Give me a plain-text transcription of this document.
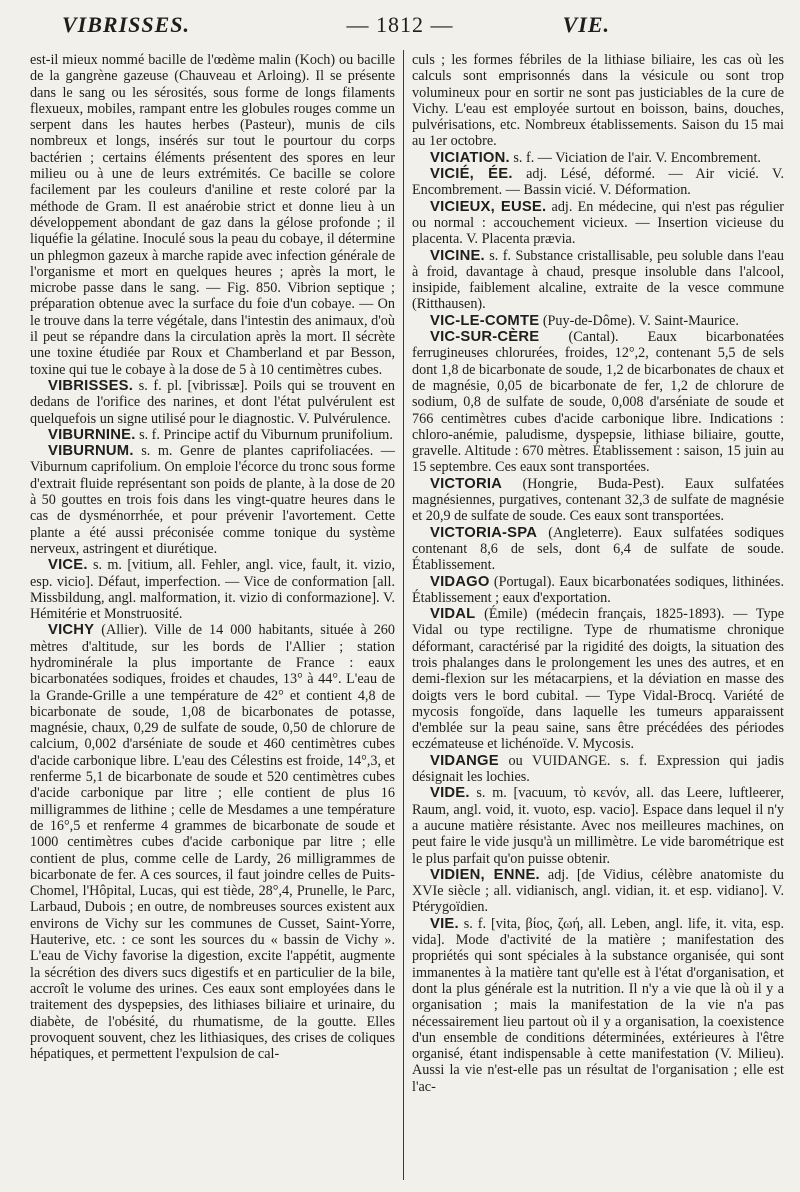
— 1812 —
VIBRISSES.	VIE.

est-il mieux nommé bacille de l'œdème malin (Koch) ou bacille de la gangrène gazeuse (Chauveau et Arloing). Il se présente dans le sang ou les sérosités, sous forme de longs filaments flexueux, mobiles, rampant entre les globules rouges comme un serpent dans les hautes herbes (Pasteur), munis de cils nombreux et longs, insérés sur tout le pourtour du corps bactérien ; certains éléments présentent des spores en leur milieu ou à une de leurs extrémités. Ce bacille se colore facilement par les couleurs d'aniline et reste coloré par la méthode de Gram. Il est anaérobie strict et donne lieu à un développement abondant de gaz dans la gélose profonde ; il liquéfie la gélatine. Inoculé sous la peau du cobaye, il détermine un phlegmon gazeux à marche rapide avec infection générale de l'organisme et mort en quelques heures ; après la mort, le microbe passe dans le sang. — Fig. 850. Vibrion septique ; préparation obtenue avec la surface du foie d'un cobaye. — On le trouve dans la terre végétale, dans l'intestin des animaux, d'où il peut se répandre dans la circulation après la mort. Il sécrète une toxine étudiée par Roux et Chamberland et par Besson, toxine qui tue le cobaye à la dose de 5 à 10 centimètres cubes.

VIBRISSES. s. f. pl. [vibrissæ]. Poils qui se trouvent en dedans de l'orifice des narines, et dont l'état pulvérulent est quelquefois un signe utilisé pour le diagnostic. V. Pulvérulence.

VIBURNINE. s. f. Principe actif du Viburnum prunifolium.

VIBURNUM. s. m. Genre de plantes caprifoliacées. — Viburnum caprifolium. On emploie l'écorce du tronc sous forme d'extrait fluide représentant son poids de plante, à la dose de 20 à 50 gouttes en trois fois dans les vingt-quatre heures dans le cas de dysménorrhée, et pour prévenir l'avortement. Cette plante a été aussi préconisée comme tonique du système nerveux, astringent et diurétique.

VICE. s. m. [vitium, all. Fehler, angl. vice, fault, it. vizio, esp. vicio]. Défaut, imperfection. — Vice de conformation [all. Missbildung, angl. malformation, it. vizio di conformazione]. V. Hémitérie et Monstruosité.

VICHY (Allier). Ville de 14 000 habitants, située à 260 mètres d'altitude, sur les bords de l'Allier ; station hydrominérale la plus importante de France : eaux bicarbonatées sodiques, froides et chaudes, 13° à 44°. L'eau de la Grande-Grille a une température de 42° et contient 4,8 de bicarbonate de soude, 1,08 de bicarbonates de potasse, magnésie, chaux, 0,29 de sulfate de soude, 0,50 de chlorure de calcium, 0,002 d'arséniate de soude et 460 centimètres cubes d'acide carbonique libre. L'eau des Célestins est froide, 14°,3, et renferme 5,1 de bicarbonate de soude et 520 centimètres cubes d'acide carbonique par litre ; elle contient de plus 16 milligrammes de lithine ; celle de Mesdames a une température de 16°,5 et renferme 4 grammes de bicarbonate de soude et 1000 centimètres cubes d'acide carbonique par litre ; elle contient de plus, comme celle de Lardy, 26 milligrammes de bicarbonate de fer. A ces sources, il faut joindre celles de Puits-Chomel, l'Hôpital, Lucas, qui est tiède, 28°,4, Prunelle, le Parc, Larbaud, Dubois ; en outre, de nombreuses sources existent aux environs de Vichy sur les communes de Cusset, Saint-Yorre, Hauterive, etc. : ce sont les sources du « bassin de Vichy ». L'eau de Vichy favorise la digestion, excite l'appétit, augmente la sécrétion des divers sucs digestifs et en particulier de la bile, accroît le volume des urines. Ces eaux sont employées dans le traitement des dyspepsies, des lithiases biliaire et urinaire, du diabète, de l'obésité, du rhumatisme, de la goutte. Elles provoquent souvent, chez les lithiasiques, des crises de coliques hépatiques, et permettent l'expulsion de cal-

culs ; les formes fébriles de la lithiase biliaire, les cas où les calculs sont emprisonnés dans la vésicule ou sont trop volumineux pour en sortir ne sont pas justiciables de la cure de Vichy. L'eau est employée surtout en boisson, bains, douches, pulvérisations, etc. Nombreux établissements. Saison du 15 mai au 1er octobre.

VICIATION. s. f. — Viciation de l'air. V. Encombrement.

VICIÉ, ÉE. adj. Lésé, déformé. — Air vicié. V. Encombrement. — Bassin vicié. V. Déformation.

VICIEUX, EUSE. adj. En médecine, qui n'est pas régulier ou normal : accouchement vicieux. — Insertion vicieuse du placenta. V. Placenta prævia.

VICINE. s. f. Substance cristallisable, peu soluble dans l'eau à froid, davantage à chaud, presque insoluble dans l'alcool, insipide, faiblement alcaline, extraite de la vesce commune (Ritthausen).

VIC-LE-COMTE (Puy-de-Dôme). V. Saint-Maurice.

VIC-SUR-CÈRE (Cantal). Eaux bicarbonatées ferrugineuses chlorurées, froides, 12°,2, contenant 5,5 de sels dont 1,8 de bicarbonate de soude, 1,2 de bicarbonates de chaux et de magnésie, 0,05 de bicarbonate de fer, 1,2 de chlorure de sodium, 0,8 de sulfate de soude, 0,008 d'arséniate de soude et 766 centimètres cubes d'acide carbonique libre. Indications : chloro-anémie, paludisme, dyspepsie, lithiase biliaire, goutte, gravelle. Altitude : 670 mètres. Établissement : saison, 15 juin au 15 septembre. Ces eaux sont transportées.

VICTORIA (Hongrie, Buda-Pest). Eaux sulfatées magnésiennes, purgatives, contenant 32,3 de sulfate de magnésie et 20,9 de sulfate de soude. Ces eaux sont transportées.

VICTORIA-SPA (Angleterre). Eaux sulfatées sodiques contenant 8,6 de sels, dont 6,4 de sulfate de soude. Établissement.

VIDAGO (Portugal). Eaux bicarbonatées sodiques, lithinées. Établissement ; eaux d'exportation.

VIDAL (Émile) (médecin français, 1825-1893). — Type Vidal ou type rectiligne. Type de rhumatisme chronique déformant, caractérisé par la rigidité des doigts, la situation des trois phalanges dans le prolongement les unes des autres, et en demi-flexion sur les métacarpiens, et la déviation en masse des doigts vers le bord cubital. — Type Vidal-Brocq. Variété de mycosis fongoïde, dans laquelle les tumeurs apparaissent d'emblée sur la peau saine, sans être précédées des périodes eczémateuse et lichénoïde. V. Mycosis.

VIDANGE ou VUIDANGE. s. f. Expression qui jadis désignait les lochies.

VIDE. s. m. [vacuum, τὸ κενόν, all. das Leere, luftleerer, Raum, angl. void, it. vuoto, esp. vacio]. Espace dans lequel il n'y a aucune matière résistante. Avec nos meilleures machines, on peut faire le vide jusqu'à un millimètre. Le vide barométrique est le plus parfait qu'on puisse obtenir.

VIDIEN, ENNE. adj. [de Vidius, célèbre anatomiste du XVIe siècle ; all. vidianisch, angl. vidian, it. et esp. vidiano]. V. Ptérygoïdien.

VIE. s. f. [vita, βίος, ζωή, all. Leben, angl. life, it. vita, esp. vida]. Mode d'activité de la matière ; manifestation des propriétés qui sont spéciales à la substance organisée, qui sont immanentes à la matière tant qu'elle est à l'état d'organisation, et dont la plus générale est la nutrition. Il n'y a vie que là où il y a organisation ; mais la manifestation de la vie n'a pas nécessairement lieu partout où il y a organisation, la coexistence d'un ensemble de conditions déterminées, extérieures à l'être organisé, étant indispensable à cette manifestation (V. Milieu). Aussi la vie n'est-elle pas un résultat de l'organisation ; elle est l'ac-
